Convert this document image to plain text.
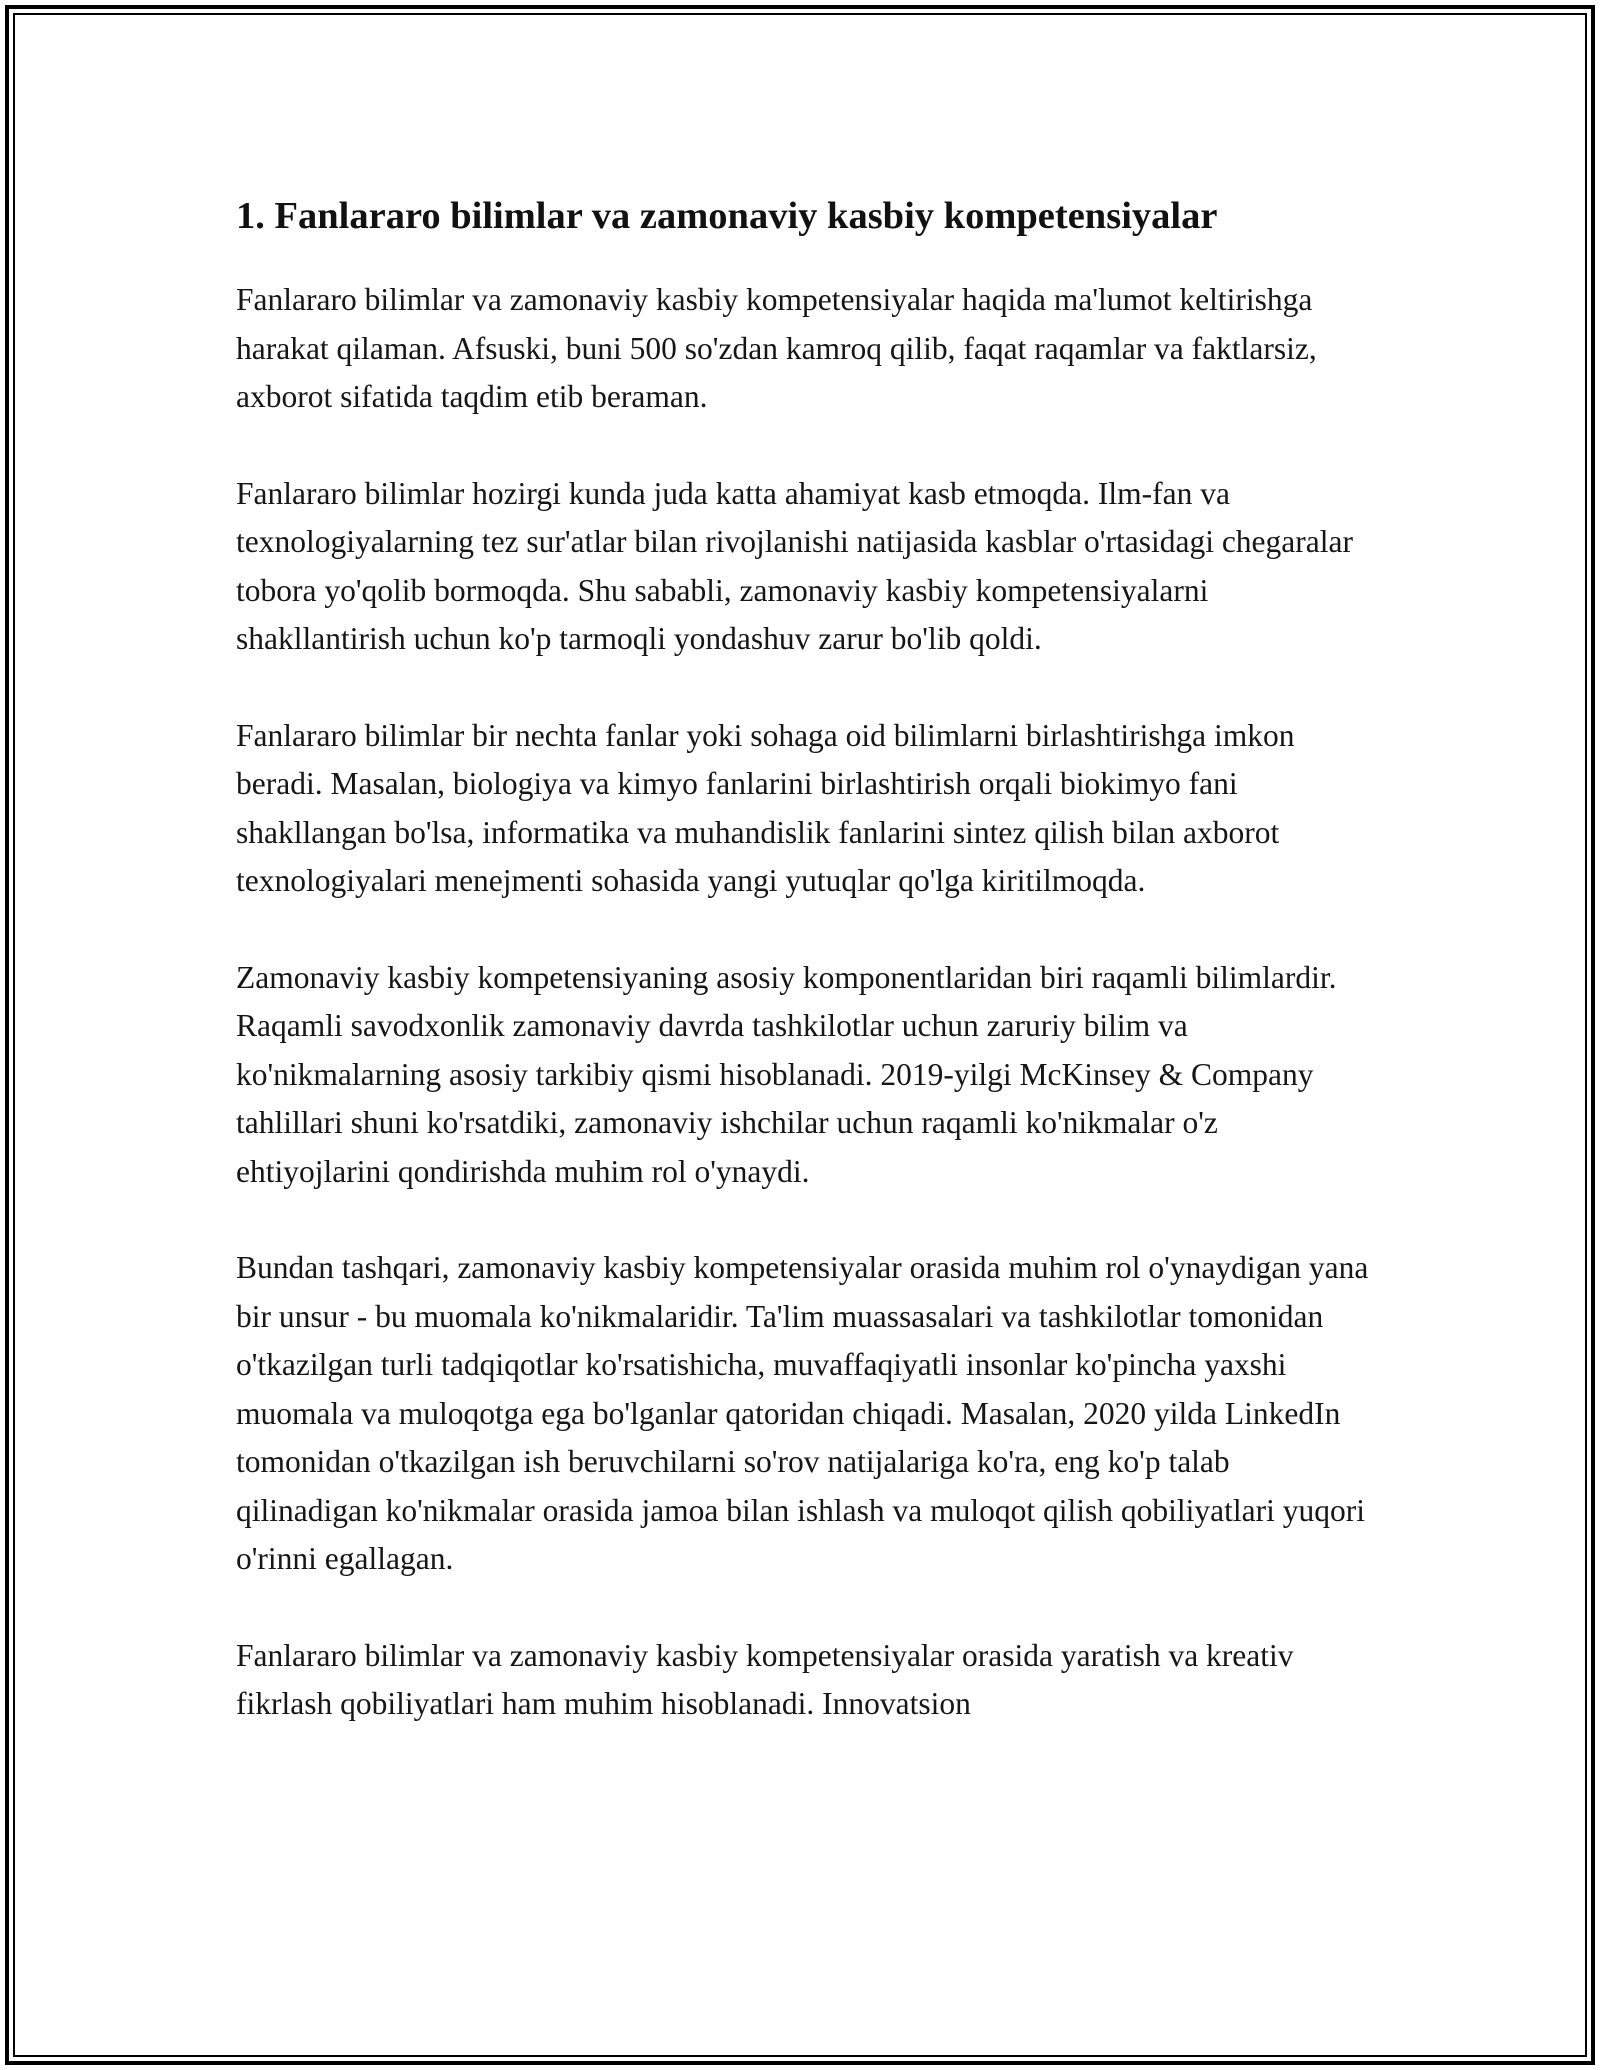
1. Fanlararo bilimlar va zamonaviy kasbiy kompetensiyalar

Fanlararo bilimlar va zamonaviy kasbiy kompetensiyalar haqida ma'lumot keltirishga harakat qilaman. Afsuski, buni 500 so'zdan kamroq qilib, faqat raqamlar va faktlarsiz, axborot sifatida taqdim etib beraman.

Fanlararo bilimlar hozirgi kunda juda katta ahamiyat kasb etmoqda. Ilm-fan va texnologiyalarning tez sur'atlar bilan rivojlanishi natijasida kasblar o'rtasidagi chegaralar tobora yo'qolib bormoqda. Shu sababli, zamonaviy kasbiy kompetensiyalarni shakllantirish uchun ko'p tarmoqli yondashuv zarur bo'lib qoldi.

Fanlararo bilimlar bir nechta fanlar yoki sohaga oid bilimlarni birlashtirishga imkon beradi. Masalan, biologiya va kimyo fanlarini birlashtirish orqali biokimyo fani shakllangan bo'lsa, informatika va muhandislik fanlarini sintez qilish bilan axborot texnologiyalari menejmenti sohasida yangi yutuqlar qo'lga kiritilmoqda.

Zamonaviy kasbiy kompetensiyaning asosiy komponentlaridan biri raqamli bilimlardir. Raqamli savodxonlik zamonaviy davrda tashkilotlar uchun zaruriy bilim va ko'nikmalarning asosiy tarkibiy qismi hisoblanadi. 2019-yilgi McKinsey & Company tahlillari shuni ko'rsatdiki, zamonaviy ishchilar uchun raqamli ko'nikmalar o'z ehtiyojlarini qondirishda muhim rol o'ynaydi.

Bundan tashqari, zamonaviy kasbiy kompetensiyalar orasida muhim rol o'ynaydigan yana bir unsur - bu muomala ko'nikmalaridir. Ta'lim muassasalari va tashkilotlar tomonidan o'tkazilgan turli tadqiqotlar ko'rsatishicha, muvaffaqiyatli insonlar ko'pincha yaxshi muomala va muloqotga ega bo'lganlar qatoridan chiqadi. Masalan, 2020 yilda LinkedIn tomonidan o'tkazilgan ish beruvchilarni so'rov natijalariga ko'ra, eng ko'p talab qilinadigan ko'nikmalar orasida jamoa bilan ishlash va muloqot qilish qobiliyatlari yuqori o'rinni egallagan.

Fanlararo bilimlar va zamonaviy kasbiy kompetensiyalar orasida yaratish va kreativ fikrlash qobiliyatlari ham muhim hisoblanadi. Innovatsion
